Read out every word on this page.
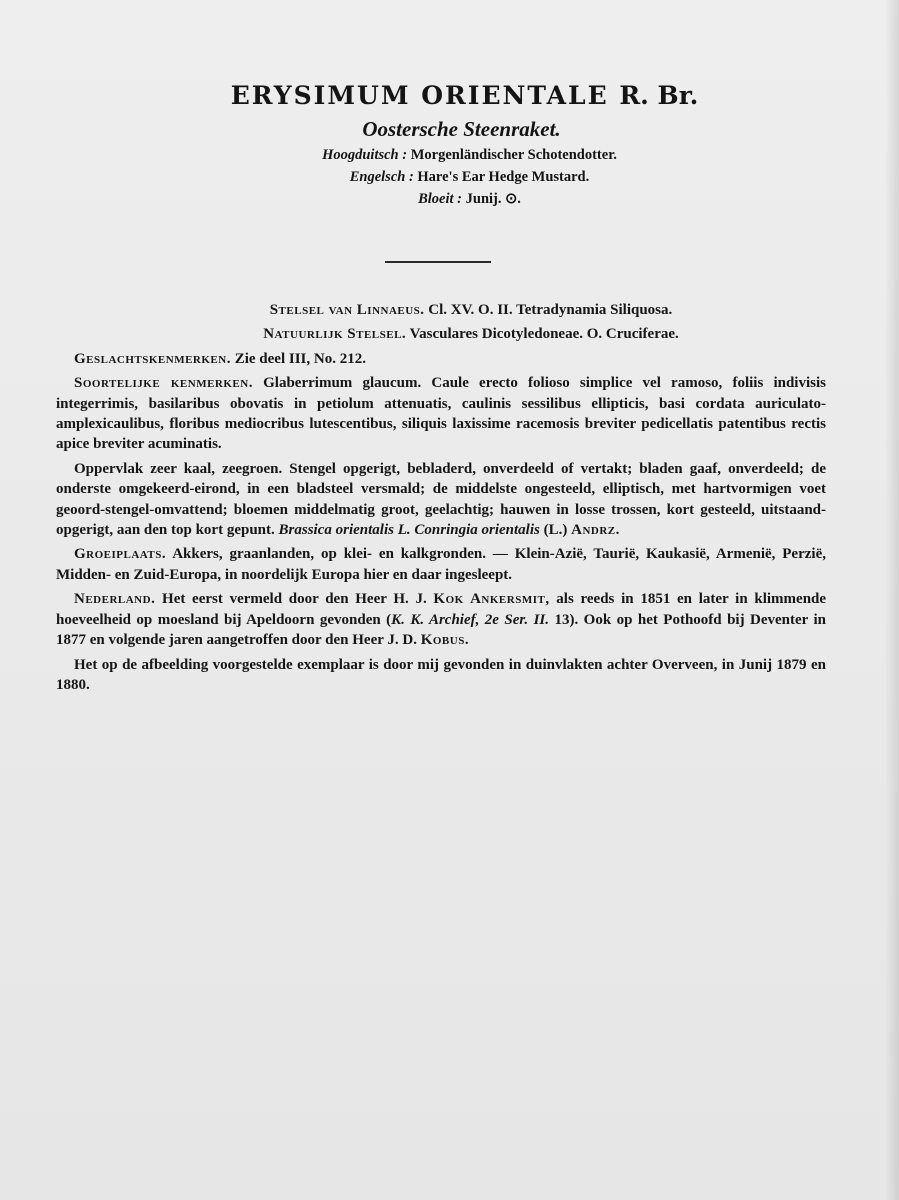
ERYSIMUM ORIENTALE R. Br.
Oostersche Steenraket.
Hoogduitsch : Morgenländischer Schotendotter.
Engelsch : Hare's Ear Hedge Mustard.
Bloeit : Junij. ⊙.

Stelsel van Linnaeus. Cl. XV. O. II. Tetradynamia Siliquosa.

Natuurlijk Stelsel. Vasculares Dicotyledoneae. O. Cruciferae.

Geslachtskenmerken. Zie deel III, No. 212.

Soortelijke kenmerken. Glaberrimum glaucum. Caule erecto folioso simplice vel ramoso, foliis indivisis integerrimis, basilaribus obovatis in petiolum attenuatis, caulinis sessilibus ellipticis, basi cordata auriculato-amplexicaulibus, floribus mediocribus lutescentibus, siliquis laxissime racemosis breviter pedicellatis patentibus rectis apice breviter acuminatis.

Oppervlak zeer kaal, zeegroen. Stengel opgerigt, bebladerd, onverdeeld of vertakt; bladen gaaf, onverdeeld; de onderste omgekeerd-eirond, in een bladsteel versmald; de middelste ongesteeld, elliptisch, met hartvormigen voet geoord-stengel-omvattend; bloemen middelmatig groot, geelachtig; hauwen in losse trossen, kort gesteeld, uitstaand-opgerigt, aan den top kort gepunt. Brassica orientalis L. Conringia orientalis (L.) Andrz.

Groeiplaats. Akkers, graanlanden, op klei- en kalkgronden. — Klein-Azië, Taurië, Kaukasië, Armenië, Perzië, Midden- en Zuid-Europa, in noordelijk Europa hier en daar ingesleept.

Nederland. Het eerst vermeld door den Heer H. J. Kok Ankersmit, als reeds in 1851 en later in klimmende hoeveelheid op moesland bij Apeldoorn gevonden (K. K. Archief, 2e Ser. II. 13). Ook op het Pothoofd bij Deventer in 1877 en volgende jaren aangetroffen door den Heer J. D. Kobus.

Het op de afbeelding voorgestelde exemplaar is door mij gevonden in duinvlakten achter Overveen, in Junij 1879 en 1880.
